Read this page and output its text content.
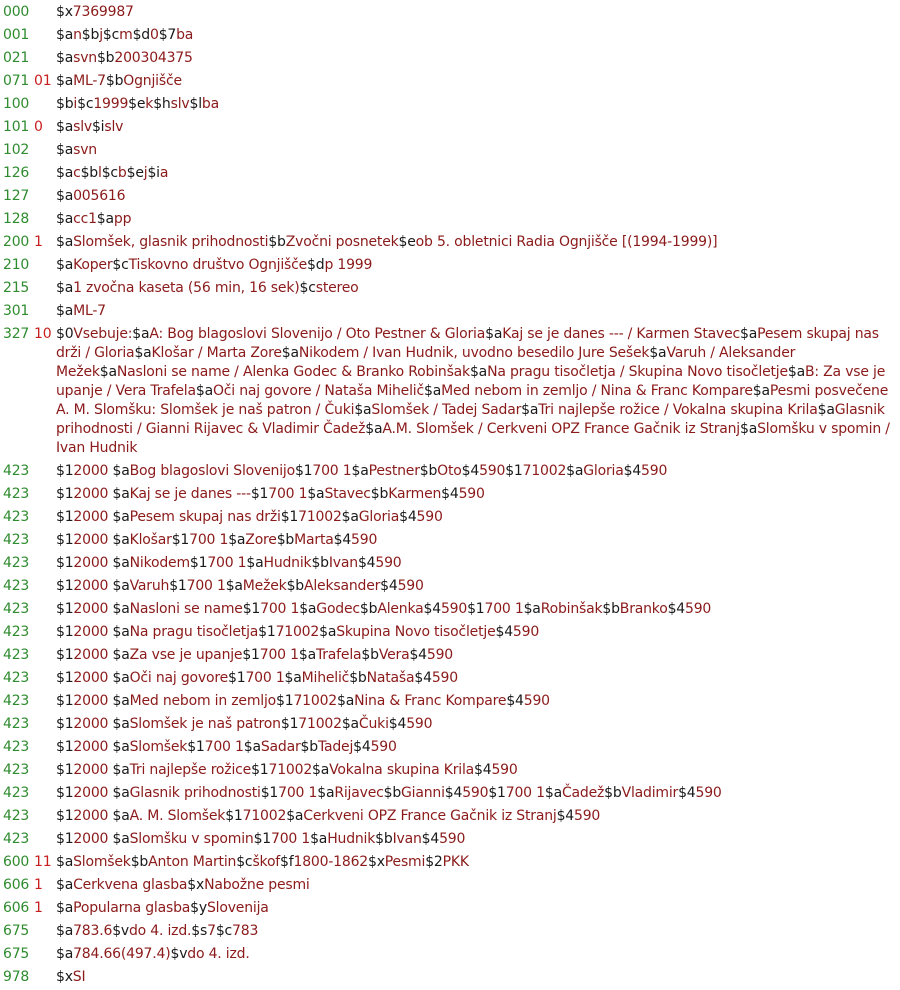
000 $x7369987
001 $an$bj$cm$d0$7ba
021 $asvn$b200304375
071 01 $aML-7$bOgnjišče
100 $bi$c1999$ek$hslv$lba
101 0 $aslv$islv
102 $asvn
126 $ac$bl$cb$ej$ia
127 $a005616
128 $acc1$app
200 1 $aSlomšek, glasnik prihodnosti$bZvočni posnetek$eob 5. obletnici Radia Ognjišče [(1994-1999)]
210 $aKoper$cTiskovno društvo Ognjišče$dp 1999
215 $a1 zvočna kaseta (56 min, 16 sek)$cstereo
301 $aML-7
327 10 $0Vsebuje:$aA: Bog blagoslovi Slovenijo / Oto Pestner & Gloria$aKaj se je danes --- / Karmen Stavec$aPesem skupaj nas drži / Gloria$aKlošar / Marta Zore$aNikodem / Ivan Hudnik, uvodno besedilo Jure Sešek$aVaruh / Aleksander Mežek$aNasloni se name / Alenka Godec & Branko Robinšak$aNa pragu tisočletja / Skupina Novo tisočletje$aB: Za vse je upanje / Vera Trafela$aOči naj govore / Nataša Mihelič$aMed nebom in zemljo / Nina & Franc Kompare$aPesmi posvečene A. M. Slomšku: Slomšek je naš patron / Čuki$aSlomšek / Tadej Sadar$aTri najlepše rožice / Vokalna skupina Krila$aGlasnik prihodnosti / Gianni Rijavec & Vladimir Čadež$aA.M. Slomšek / Cerkveni OPZ France Gačnik iz Stranj$aSlomšku v spomin / Ivan Hudnik
423 $12000 $aBog blagoslovi Slovenijo$1700 1$aPestner$bOto$4590$171002$aGloria$4590
423 $12000 $aKaj se je danes ---$1700 1$aStavec$bKarmen$4590
423 $12000 $aPesem skupaj nas drži$171002$aGloria$4590
423 $12000 $aKlošar$1700 1$aZore$bMarta$4590
423 $12000 $aNikodem$1700 1$aHudnik$bIvan$4590
423 $12000 $aVaruh$1700 1$aMežek$bAleksander$4590
423 $12000 $aNasloni se name$1700 1$aGodec$bAlenka$4590$1700 1$aRobinšak$bBranko$4590
423 $12000 $aNa pragu tisočletja$171002$aSkupina Novo tisočletje$4590
423 $12000 $aZa vse je upanje$1700 1$aTrafela$bVera$4590
423 $12000 $aOči naj govore$1700 1$aMihelič$bNataša$4590
423 $12000 $aMed nebom in zemljo$171002$aNina & Franc Kompare$4590
423 $12000 $aSlomšek je naš patron$171002$aČuki$4590
423 $12000 $aSlomšek$1700 1$aSadar$bTadej$4590
423 $12000 $aTri najlepše rožice$171002$aVokalna skupina Krila$4590
423 $12000 $aGlasnik prihodnosti$1700 1$aRijavec$bGianni$4590$1700 1$aČadež$bVladimir$4590
423 $12000 $aA. M. Slomšek$171002$aCerkveni OPZ France Gačnik iz Stranj$4590
423 $12000 $aSlomšku v spomin$1700 1$aHudnik$bIvan$4590
600 11 $aSlomšek$bAnton Martin$cškof$f1800-1862$xPesmi$2PKK
606 1 $aCerkvena glasba$xNabožne pesmi
606 1 $aPopularna glasba$ySlovenija
675 $a783.6$vdo 4. izd.$s7$c783
675 $a784.66(497.4)$vdo 4. izd.
978 $xSI
